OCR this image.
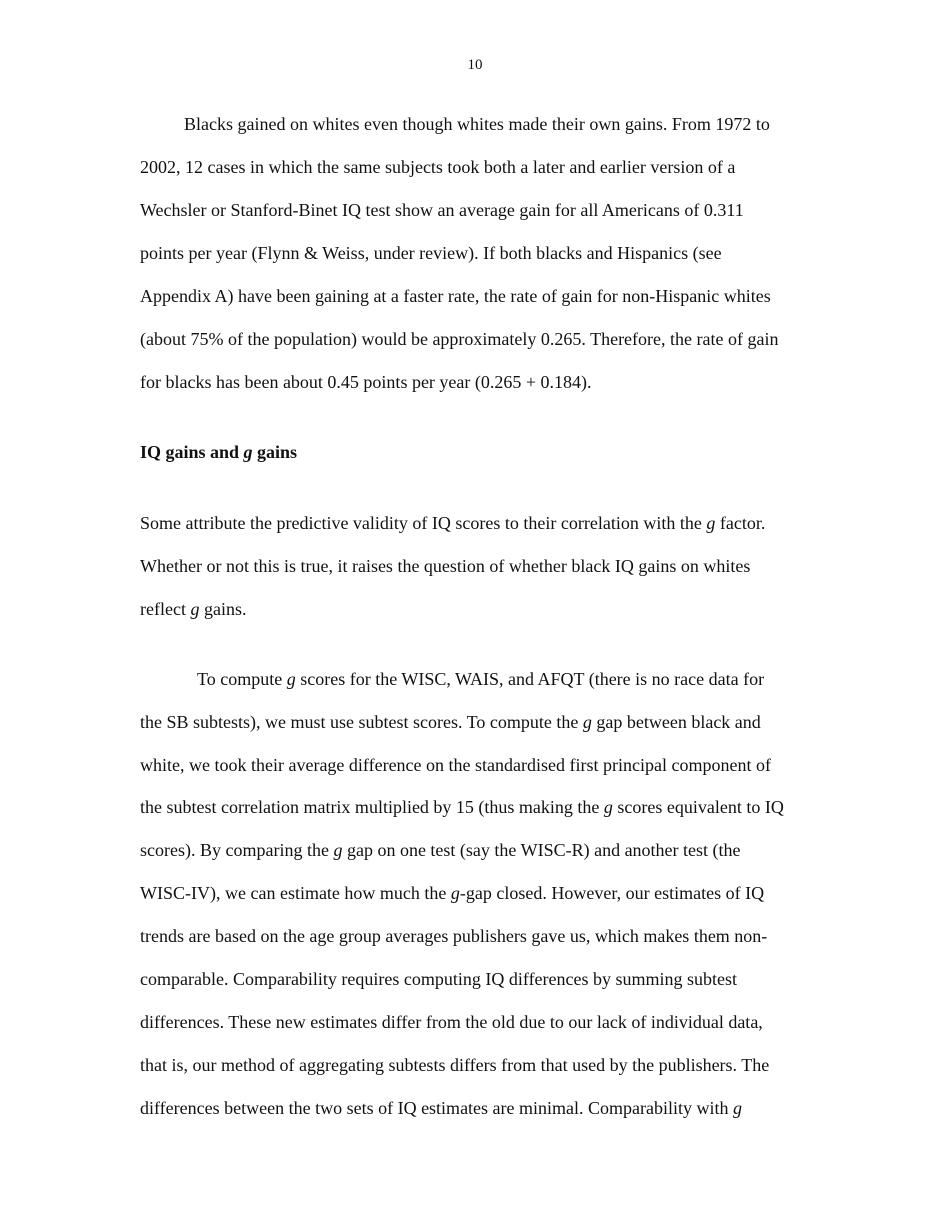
10
Blacks gained on whites even though whites made their own gains. From 1972 to
2002, 12 cases in which the same subjects took both a later and earlier version of a
Wechsler or Stanford-Binet IQ test show an average gain for all Americans of 0.311
points per year (Flynn & Weiss, under review). If both blacks and Hispanics (see
Appendix A) have been gaining at a faster rate, the rate of gain for non-Hispanic whites
(about 75% of the population) would be approximately 0.265. Therefore, the rate of gain
for blacks has been about 0.45 points per year (0.265 + 0.184).
IQ gains and g gains
Some attribute the predictive validity of IQ scores to their correlation with the g factor.
Whether or not this is true, it raises the question of whether black IQ gains on whites
reflect g gains.
To compute g scores for the WISC, WAIS, and AFQT (there is no race data for
the SB subtests), we must use subtest scores. To compute the g gap between black and
white, we took their average difference on the standardised first principal component of
the subtest correlation matrix multiplied by 15 (thus making the g scores equivalent to IQ
scores). By comparing the g gap on one test (say the WISC-R) and another test (the
WISC-IV), we can estimate how much the g-gap closed. However, our estimates of IQ
trends are based on the age group averages publishers gave us, which makes them non-
comparable. Comparability requires computing IQ differences by summing subtest
differences. These new estimates differ from the old due to our lack of individual data,
that is, our method of aggregating subtests differs from that used by the publishers. The
differences between the two sets of IQ estimates are minimal. Comparability with g
